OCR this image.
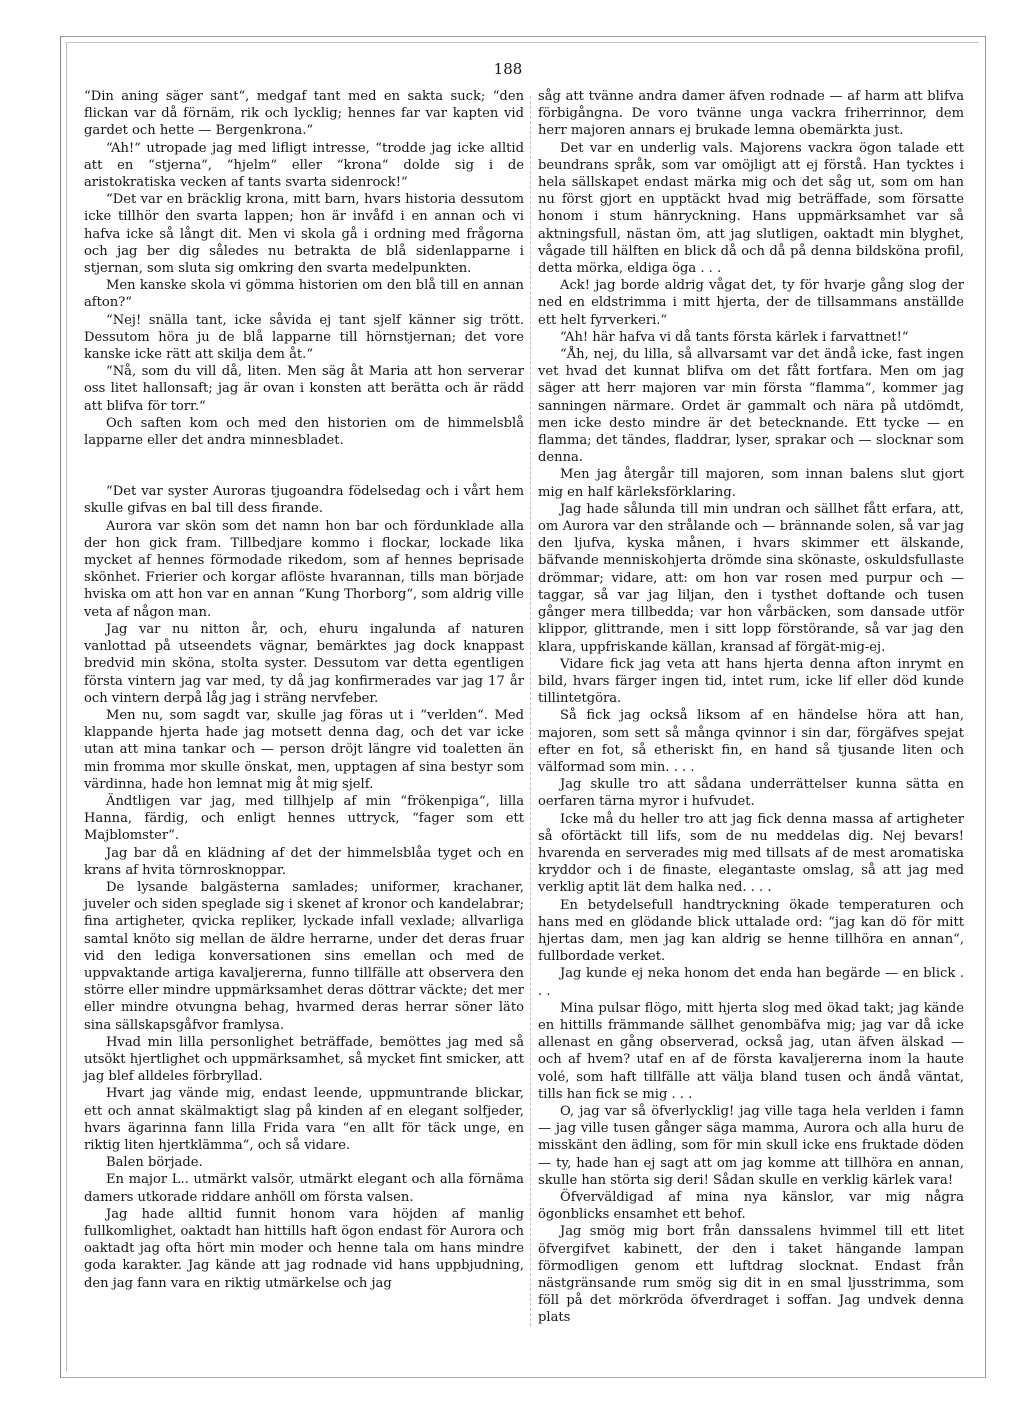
188

“Din aning säger sant“, medgaf tant med en sakta suck; “den flickan var då förnäm, rik och lycklig; hennes far var kapten vid gardet och hette — Bergenkrona.“

“Ah!“ utropade jag med lifligt intresse, “trodde jag icke alltid att en “stjerna“, “hjelm“ eller “krona“ dolde sig i de aristokratiska vecken af tants svarta sidenrock!“

“Det var en bräcklig krona, mitt barn, hvars historia dessutom icke tillhör den svarta lappen; hon är invåfd i en annan och vi hafva icke så långt dit. Men vi skola gå i ordning med frågorna och jag ber dig således nu betrakta de blå sidenlapparne i stjernan, som sluta sig omkring den svarta medelpunkten.

Men kanske skola vi gömma historien om den blå till en annan afton?“

“Nej! snälla tant, icke såvida ej tant sjelf känner sig trött. Dessutom höra ju de blå lapparne till hörnstjernan; det vore kanske icke rätt att skilja dem åt.“

“Nå, som du vill då, liten. Men säg åt Maria att hon serverar oss litet hallonsaft; jag är ovan i konsten att berätta och är rädd att blifva för torr.“

Och saften kom och med den historien om de himmelsblå lapparne eller det andra minnesbladet.

“Det var syster Auroras tjugoandra födelsedag och i vårt hem skulle gifvas en bal till dess firande.

Aurora var skön som det namn hon bar och fördunklade alla der hon gick fram. Tillbedjare kommo i flockar, lockade lika mycket af hennes förmodade rikedom, som af hennes beprisade skönhet. Frierier och korgar aflöste hvarannan, tills man började hviska om att hon var en annan “Kung Thorborg“, som aldrig ville veta af någon man.

Jag var nu nitton år, och, ehuru ingalunda af naturen vanlottad på utseendets vägnar, bemärktes jag dock knappast bredvid min sköna, stolta syster. Dessutom var detta egentligen första vintern jag var med, ty då jag konfirmerades var jag 17 år och vintern derpå låg jag i sträng nervfeber.

Men nu, som sagdt var, skulle jag föras ut i “verlden“. Med klappande hjerta hade jag motsett denna dag, och det var icke utan att mina tankar och — person dröjt längre vid toaletten än min fromma mor skulle önskat, men, upptagen af sina bestyr som värdinna, hade hon lemnat mig åt mig sjelf.

Ändtligen var jag, med tillhjelp af min “frökenpiga“, lilla Hanna, färdig, och enligt hennes uttryck, “fager som ett Majblomster“.

Jag bar då en klädning af det der himmelsblåa tyget och en krans af hvita törnrosknoppar.

De lysande balgästerna samlades; uniformer, krachaner, juveler och siden speglade sig i skenet af kronor och kandelabrar; fina artigheter, qvicka repliker, lyckade infall vexlade; allvarliga samtal knöto sig mellan de äldre herrarne, under det deras fruar vid den lediga konversationen sins emellan och med de uppvaktande artiga kavaljererna, funno tillfälle att observera den större eller mindre uppmärksamhet deras döttrar väckte; det mer eller mindre otvungna behag, hvarmed deras herrar söner läto sina sällskapsgåfvor framlysa.

Hvad min lilla personlighet beträffade, bemöttes jag med så utsökt hjertlighet och uppmärksamhet, så mycket fint smicker, att jag blef alldeles förbryllad.

Hvart jag vände mig, endast leende, uppmuntrande blickar, ett och annat skälmaktigt slag på kinden af en elegant solfjeder, hvars ägarinna fann lilla Frida vara “en allt för täck unge, en riktig liten hjertklämma“, och så vidare.

Balen började.

En major L.. utmärkt valsör, utmärkt elegant och alla förnäma damers utkorade riddare anhöll om första valsen.

Jag hade alltid funnit honom vara höjden af manlig fullkomlighet, oaktadt han hittills haft ögon endast för Aurora och oaktadt jag ofta hört min moder och henne tala om hans mindre goda karakter. Jag kände att jag rodnade vid hans uppbjudning, den jag fann vara en riktig utmärkelse och jag

såg att tvänne andra damer äfven rodnade — af harm att blifva förbigångna. De voro tvänne unga vackra friherrinnor, dem herr majoren annars ej brukade lemna obemärkta just.

Det var en underlig vals. Majorens vackra ögon talade ett beundrans språk, som var omöjligt att ej förstå. Han tycktes i hela sällskapet endast märka mig och det såg ut, som om han nu först gjort en upptäckt hvad mig beträffade, som försatte honom i stum hänryckning. Hans uppmärksamhet var så aktningsfull, nästan öm, att jag slutligen, oaktadt min blyghet, vågade till hälften en blick då och då på denna bildsköna profil, detta mörka, eldiga öga . . .

Ack! jag borde aldrig vågat det, ty för hvarje gång slog der ned en eldstrimma i mitt hjerta, der de tillsammans anställde ett helt fyrverkeri.“

“Ah! här hafva vi då tants första kärlek i farvattnet!“

“Åh, nej, du lilla, så allvarsamt var det ändå icke, fast ingen vet hvad det kunnat blifva om det fått fortfara. Men om jag säger att herr majoren var min första “flamma“, kommer jag sanningen närmare. Ordet är gammalt och nära på utdömdt, men icke desto mindre är det betecknande. Ett tycke — en flamma; det tändes, fladdrar, lyser, sprakar och — slocknar som denna.

Men jag återgår till majoren, som innan balens slut gjort mig en half kärleksförklaring.

Jag hade sålunda till min undran och sällhet fått erfara, att, om Aurora var den strålande och — brännande solen, så var jag den ljufva, kyska månen, i hvars skimmer ett älskande, bäfvande menniskohjerta drömde sina skönaste, oskuldsfullaste drömmar; vidare, att: om hon var rosen med purpur och — taggar, så var jag liljan, den i tysthet doftande och tusen gånger mera tillbedda; var hon vårbäcken, som dansade utför klippor, glittrande, men i sitt lopp förstörande, så var jag den klara, uppfriskande källan, kransad af förgät-mig-ej.

Vidare fick jag veta att hans hjerta denna afton inrymt en bild, hvars färger ingen tid, intet rum, icke lif eller död kunde tillintetgöra.

Så fick jag också liksom af en händelse höra att han, majoren, som sett så många qvinnor i sin dar, förgäfves spejat efter en fot, så etheriskt fin, en hand så tjusande liten och välformad som min. . . .

Jag skulle tro att sådana underrättelser kunna sätta en oerfaren tärna myror i hufvudet.

Icke må du heller tro att jag fick denna massa af artigheter så oförtäckt till lifs, som de nu meddelas dig. Nej bevars! hvarenda en serverades mig med tillsats af de mest aromatiska kryddor och i de finaste, elegantaste omslag, så att jag med verklig aptit lät dem halka ned. . . .

En betydelsefull handtryckning ökade temperaturen och hans med en glödande blick uttalade ord: “jag kan dö för mitt hjertas dam, men jag kan aldrig se henne tillhöra en annan“, fullbordade verket.

Jag kunde ej neka honom det enda han begärde — en blick . . .

Mina pulsar flögo, mitt hjerta slog med ökad takt; jag kände en hittills främmande sällhet genombäfva mig; jag var då icke allenast en gång observerad, också jag, utan äfven älskad — och af hvem? utaf en af de första kavaljererna inom la haute volé, som haft tillfälle att välja bland tusen och ändå väntat, tills han fick se mig . . .

O, jag var så öfverlycklig! jag ville taga hela verlden i famn — jag ville tusen gånger säga mamma, Aurora och alla huru de misskänt den ädling, som för min skull icke ens fruktade döden — ty, hade han ej sagt att om jag komme att tillhöra en annan, skulle han störta sig deri! Sådan skulle en verklig kärlek vara!

Öfverväldigad af mina nya känslor, var mig några ögonblicks ensamhet ett behof.

Jag smög mig bort från danssalens hvimmel till ett litet öfvergifvet kabinett, der den i taket hängande lampan förmodligen genom ett luftdrag slocknat. Endast från nästgränsande rum smög sig dit in en smal ljusstrimma, som föll på det mörkröda öfverdraget i soffan. Jag undvek denna plats
